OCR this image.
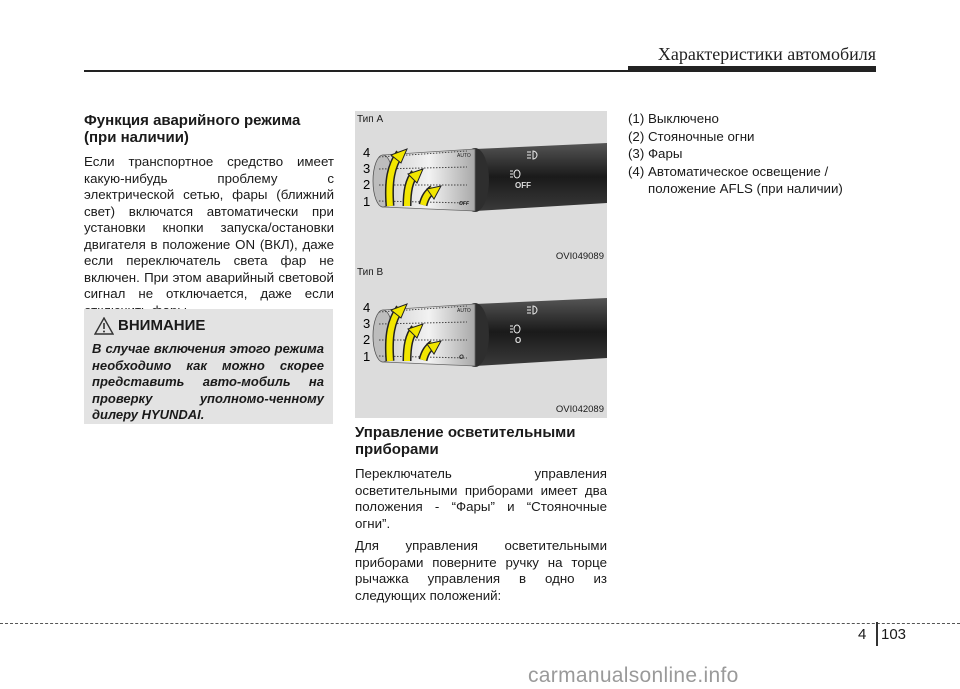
Характеристики автомобиля
Функция аварийного режима (при наличии)

Если транспортное средство имеет какую-нибудь проблему с электрической сетью, фары (ближний свет) включатся автоматически при установки кнопки запуска/остановки двигателя в положение ON (ВКЛ), даже если переключатель света фар не включен. При этом аварийный световой сигнал не отключается, даже если

ВНИМАНИЕ
В случае включения этого режима необходимо как можно скорее представить авто-мобиль на проверку уполномо-ченному дилеру HYUNDAI.
4
3
2
1
AUTO
OFF
OFF
Тип A
OVI049089
4
3
2
1
AUTO
O
O
Тип B
OVI042089
Управление осветительными приборами

Переключатель управления осветительными приборами имеет два положения - “Фары” и “Стояночные огни”.

Для управления осветительными приборами поверните ручку на торце рычажка управления в одно из следующих положений:

(1) Выключено
(2) Стояночные огни
(3) Фары
(4) Автоматическое освещение / положение AFLS (при наличии)
4 103
carmanualsonline.info
